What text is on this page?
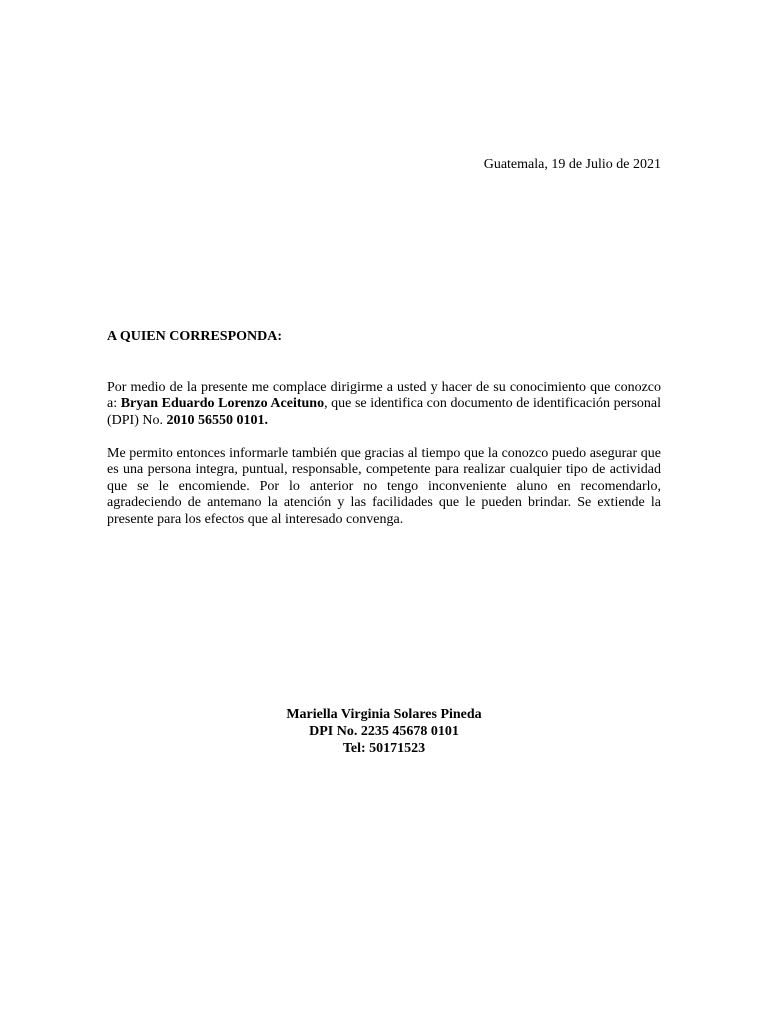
Guatemala, 19 de Julio de 2021
A QUIEN CORRESPONDA:

Por medio de la presente me complace dirigirme a usted y hacer de su conocimiento que conozco a: Bryan Eduardo Lorenzo Aceituno, que se identifica con documento de identificación personal (DPI) No. 2010 56550 0101.

Me permito entonces informarle también que gracias al tiempo que la conozco puedo asegurar que es una persona integra, puntual, responsable, competente para realizar cualquier tipo de actividad que se le encomiende. Por lo anterior no tengo inconveniente aluno en recomendarlo, agradeciendo de antemano la atención y las facilidades que le pueden brindar. Se extiende la presente para los efectos que al interesado convenga.

Mariella Virginia Solares Pineda
DPI No. 2235 45678 0101
Tel: 50171523
